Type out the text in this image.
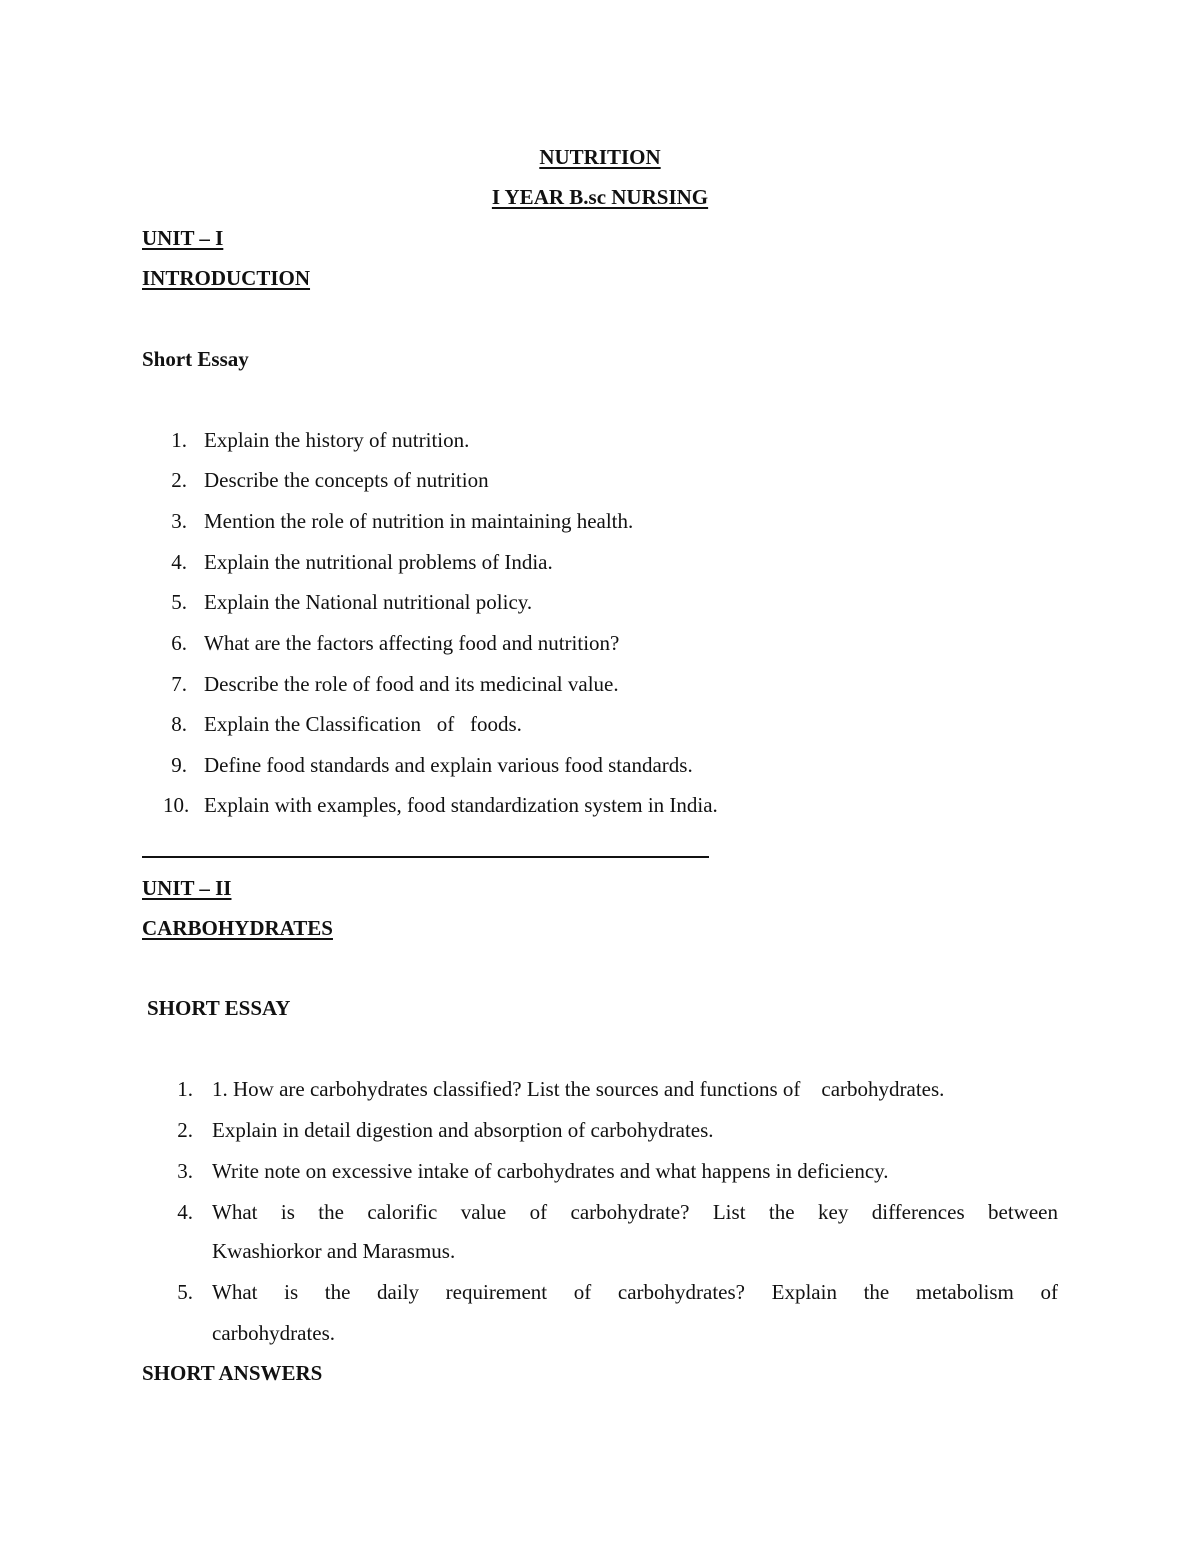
NUTRITION
I YEAR B.sc NURSING
UNIT – I
INTRODUCTION
Short Essay
1. Explain the history of nutrition.
2. Describe the concepts of nutrition
3. Mention the role of nutrition in maintaining health.
4. Explain the nutritional problems of India.
5. Explain the National nutritional policy.
6. What are the factors affecting food and nutrition?
7. Describe the role of food and its medicinal value.
8. Explain the Classification   of   foods.
9. Define food standards and explain various food standards.
10. Explain with examples, food standardization system in India.
UNIT – II
CARBOHYDRATES
SHORT ESSAY
1. 1. How are carbohydrates classified? List the sources and functions of    carbohydrates.
2. Explain in detail digestion and absorption of carbohydrates.
3. Write note on excessive intake of carbohydrates and what happens in deficiency.
4. What is the calorific value of carbohydrate? List the key differences between
Kwashiorkor and Marasmus.
5. What is the daily requirement of carbohydrates? Explain the metabolism of
carbohydrates.
SHORT ANSWERS
